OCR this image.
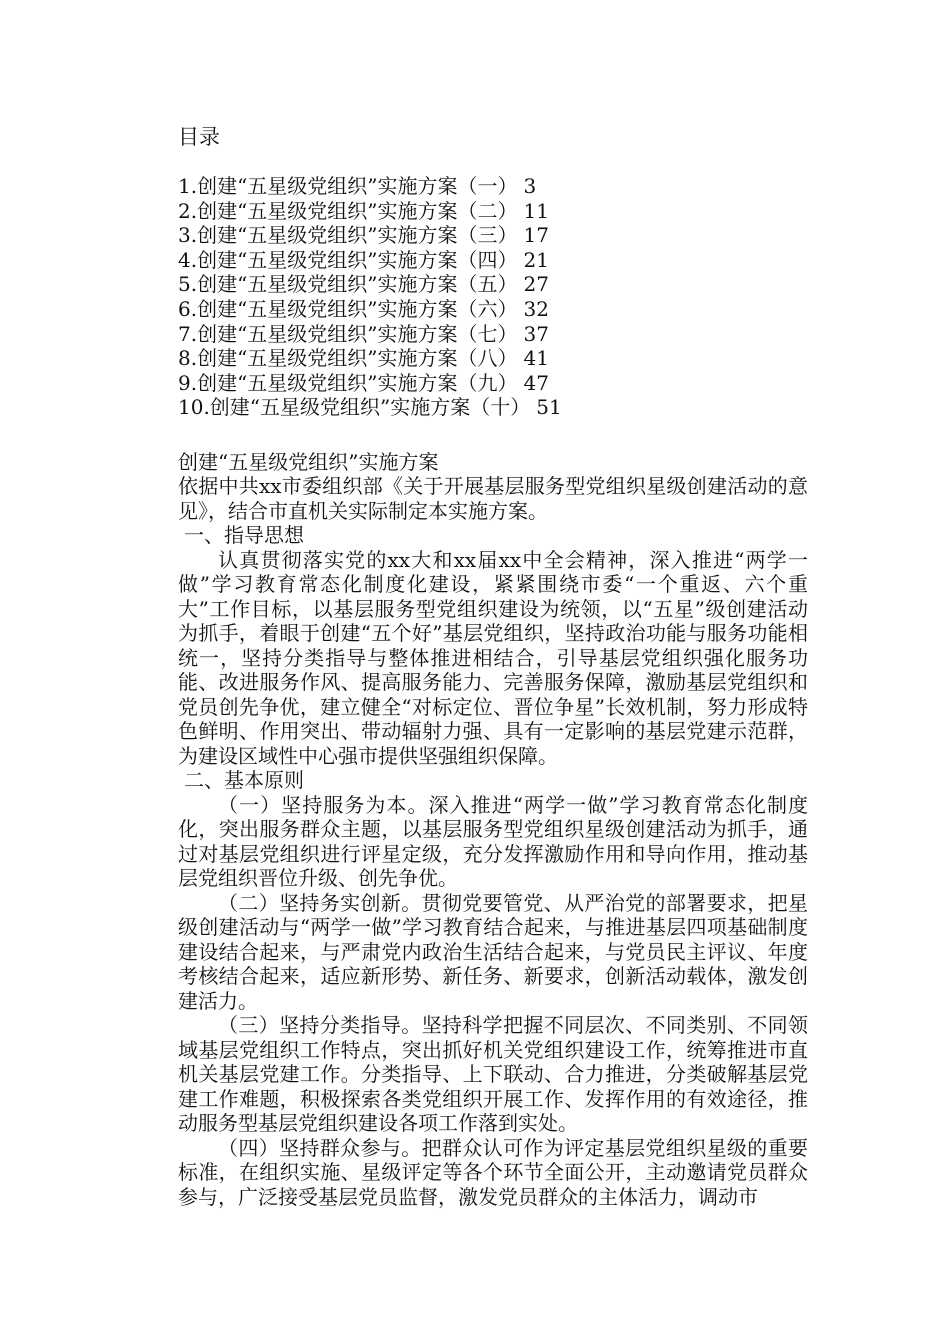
目录
1.创建“五星级党组织”实施方案（一） 3
2.创建“五星级党组织”实施方案（二） 11
3.创建“五星级党组织”实施方案（三） 17
4.创建“五星级党组织”实施方案（四） 21
5.创建“五星级党组织”实施方案（五） 27
6.创建“五星级党组织”实施方案（六） 32
7.创建“五星级党组织”实施方案（七） 37
8.创建“五星级党组织”实施方案（八） 41
9.创建“五星级党组织”实施方案（九） 47
10.创建“五星级党组织”实施方案（十） 51
创建“五星级党组织”实施方案

依据中共xx市委组织部《关于开展基层服务型党组织星级创建活动的意见》，结合市直机关实际制定本实施方案。

一、指导思想

认真贯彻落实党的xx大和xx届xx中全会精神，深入推进“两学一做”学习教育常态化制度化建设，紧紧围绕市委“一个重返、六个重大”工作目标，以基层服务型党组织建设为统领，以“五星”级创建活动为抓手，着眼于创建“五个好”基层党组织，坚持政治功能与服务功能相统一，坚持分类指导与整体推进相结合，引导基层党组织强化服务功能、改进服务作风、提高服务能力、完善服务保障，激励基层党组织和党员创先争优，建立健全“对标定位、晋位争星”长效机制，努力形成特色鲜明、作用突出、带动辐射力强、具有一定影响的基层党建示范群，为建设区域性中心强市提供坚强组织保障。

二、基本原则

（一）坚持服务为本。深入推进“两学一做”学习教育常态化制度化，突出服务群众主题，以基层服务型党组织星级创建活动为抓手，通过对基层党组织进行评星定级，充分发挥激励作用和导向作用，推动基层党组织晋位升级、创先争优。

（二）坚持务实创新。贯彻党要管党、从严治党的部署要求，把星级创建活动与“两学一做”学习教育结合起来，与推进基层四项基础制度建设结合起来，与严肃党内政治生活结合起来，与党员民主评议、年度考核结合起来，适应新形势、新任务、新要求，创新活动载体，激发创建活力。

（三）坚持分类指导。坚持科学把握不同层次、不同类别、不同领域基层党组织工作特点，突出抓好机关党组织建设工作，统筹推进市直机关基层党建工作。分类指导、上下联动、合力推进，分类破解基层党建工作难题，积极探索各类党组织开展工作、发挥作用的有效途径，推动服务型基层党组织建设各项工作落到实处。

（四）坚持群众参与。把群众认可作为评定基层党组织星级的重要标准，在组织实施、星级评定等各个环节全面公开，主动邀请党员群众参与，广泛接受基层党员监督，激发党员群众的主体活力，调动市
